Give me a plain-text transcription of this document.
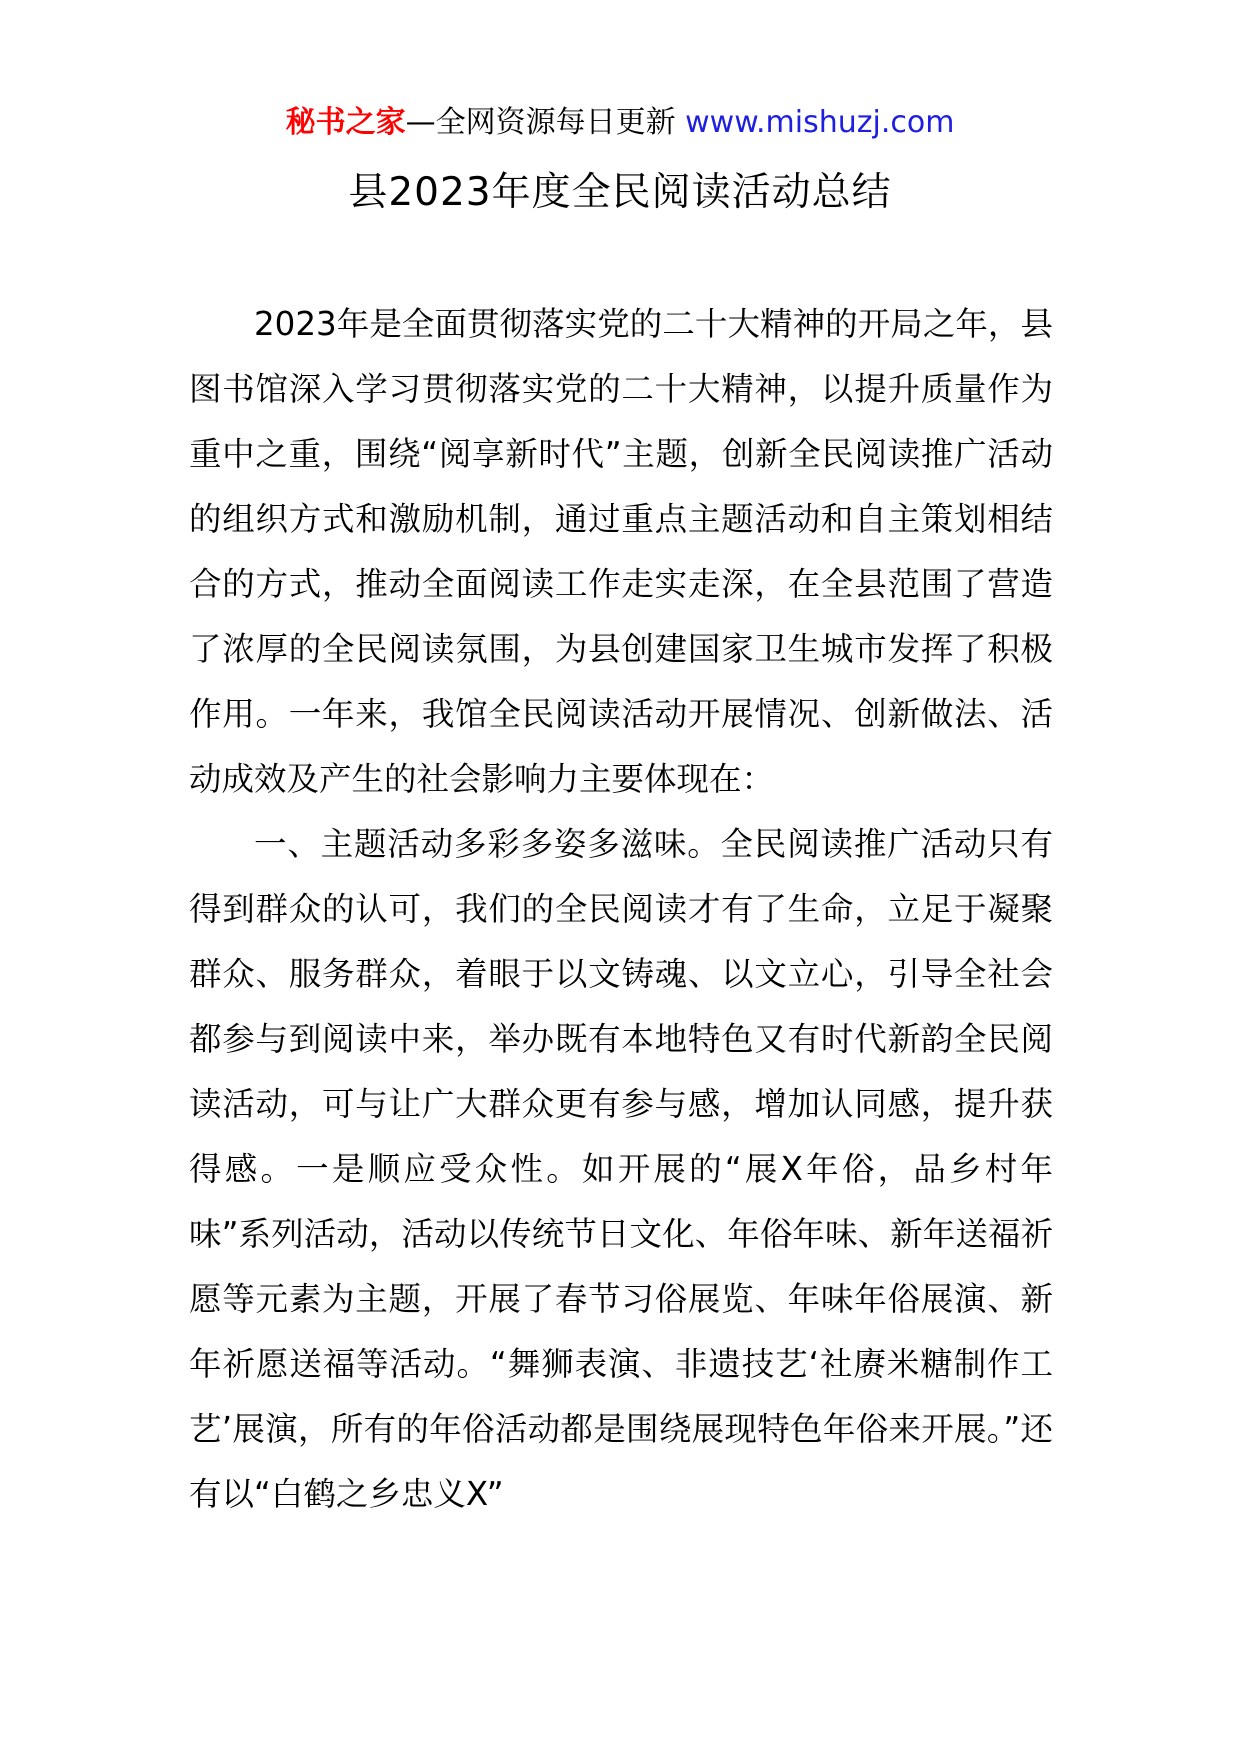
秘书之家—全网资源每日更新 www.mishuzj.com
县2023年度全民阅读活动总结

2023年是全面贯彻落实党的二十大精神的开局之年，县图书馆深入学习贯彻落实党的二十大精神，以提升质量作为重中之重，围绕“阅享新时代”主题，创新全民阅读推广活动的组织方式和激励机制，通过重点主题活动和自主策划相结合的方式，推动全面阅读工作走实走深，在全县范围了营造了浓厚的全民阅读氛围，为县创建国家卫生城市发挥了积极作用。一年来，我馆全民阅读活动开展情况、创新做法、活动成效及产生的社会影响力主要体现在：

一、主题活动多彩多姿多滋味。全民阅读推广活动只有得到群众的认可，我们的全民阅读才有了生命，立足于凝聚群众、服务群众，着眼于以文铸魂、以文立心，引导全社会都参与到阅读中来，举办既有本地特色又有时代新韵全民阅读活动，可与让广大群众更有参与感，增加认同感，提升获得感。一是顺应受众性。如开展的“展X年俗，品乡村年味”系列活动，活动以传统节日文化、年俗年味、新年送福祈愿等元素为主题，开展了春节习俗展览、年味年俗展演、新年祈愿送福等活动。“舞狮表演、非遗技艺‘社赓米糖制作工艺’展演，所有的年俗活动都是围绕展现特色年俗来开展。”还有以“白鹤之乡忠义X”
